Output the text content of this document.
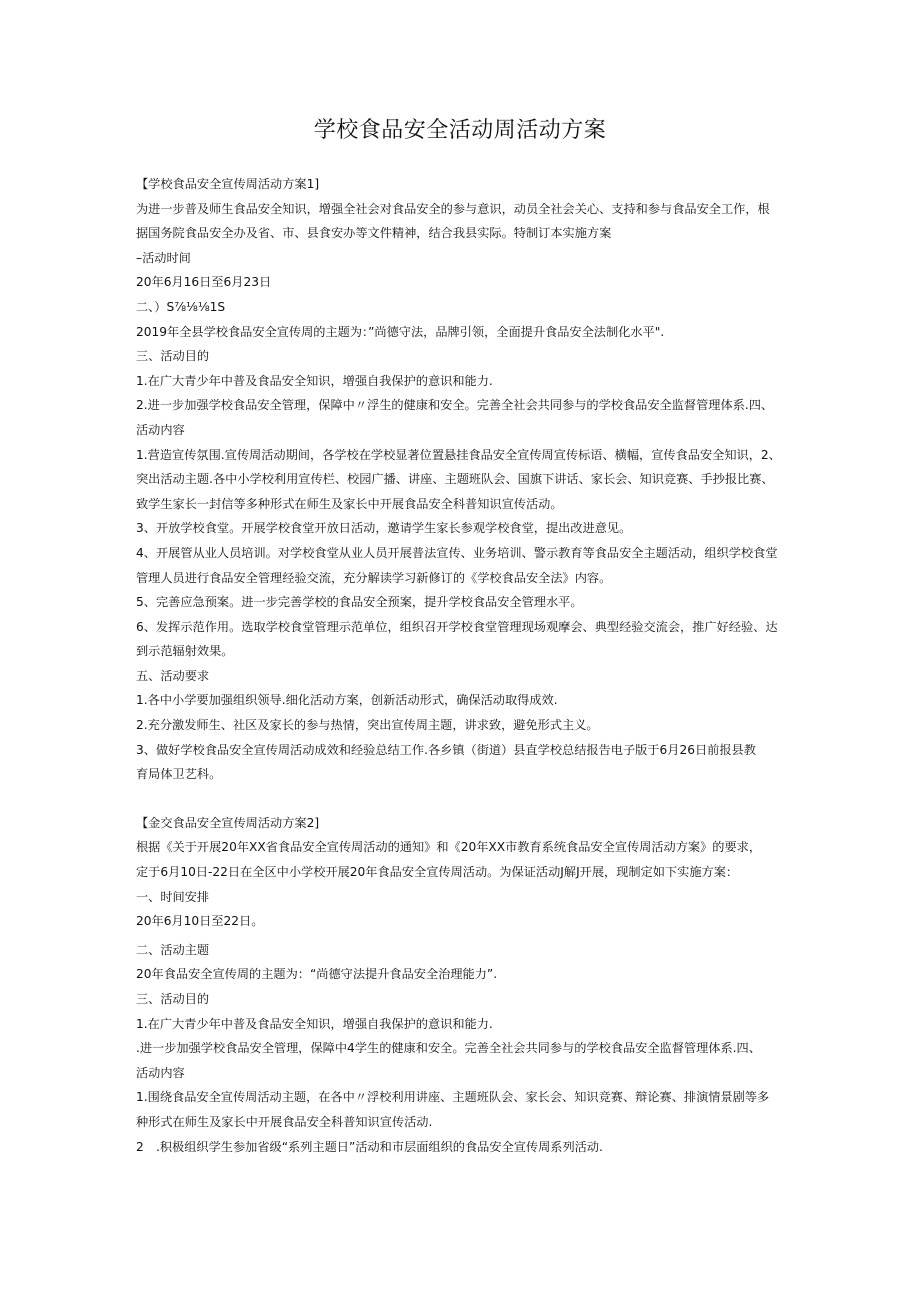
学校食品安全活动周活动方案

【学校食品安全宣传周活动方案1]

为进一步普及师生食品安全知识，增强全社会对食品安全的参与意识，动员全社会关心、支持和参与食品安全工作，根

据国务院食品安全办及省、市、县食安办等文件精神，结合我县实际。特制订本实施方案

–活动时间

20年6月16日至6月23日

二、）S⅞⅛⅛1S

2019年全县学校食品安全宣传周的主题为：”尚德守法，品牌引领，全面提升食品安全法制化水平".

三、活动目的

1.在广大青少年中普及食品安全知识，增强自我保护的意识和能力.

2.进一步加强学校食品安全管理，保障中〃浮生的健康和安全。完善全社会共同参与的学校食品安全监督管理体系.四、

活动内容

1.营造宣传氛围.宣传周活动期间，各学校在学校显著位置悬挂食品安全宣传周宣传标语、横幅，宣传食品安全知识，2、

突出活动主题.各中小学校利用宣传栏、校园广播、讲座、主题班队会、国旗下讲话、家长会、知识竞赛、手抄报比赛、

致学生家长一封信等多种形式在师生及家长中开展食品安全科普知识宣传活动。

3、开放学校食堂。开展学校食堂开放日活动，邀请学生家长参观学校食堂，提出改进意见。

4、开展管从业人员培训。对学校食堂从业人员开展普法宣传、业务培训、警示教育等食品安全主题活动，组织学校食堂

管理人员进行食品安全管理经验交流，充分解读学习新修订的《学校食品安全法》内容。

5、完善应急预案。进一步完善学校的食品安全预案，提升学校食品安全管理水平。

6、发挥示范作用。选取学校食堂管理示范单位，组织召开学校食堂管理现场观摩会、典型经验交流会，推广好经验、达

到示范辐射效果。

五、活动要求

1.各中小学要加强组织领导.细化活动方案，创新活动形式，确保活动取得成效.

2.充分激发师生、社区及家长的参与热情，突出宣传周主题，讲求致，避免形式主义。

3、做好学校食品安全宣传周活动成效和经验总结工作.各乡镇（街道）县直学校总结报告电子版于6月26日前报县教

育局体卫艺科。

【金交食品安全宣传周活动方案2]

根据《关于开展20年XX省食品安全宣传周活动的通知》和《20年XX市教育系统食品安全宣传周活动方案》的要求，

定于6月10日-22日在全区中小学校开展20年食品安全宣传周活动。为保证活动J解J开展，现制定如下实施方案：

一、时间安排

20年6月10日至22日。

二、活动主题

20年食品安全宣传周的主题为：“尚德守法提升食品安全治理能力”.

三、活动目的

1.在广大青少年中普及食品安全知识，增强自我保护的意识和能力.

.进一步加强学校食品安全管理，保障中4学生的健康和安全。完善全社会共同参与的学校食品安全监督管理体系.四、

活动内容

1.围绕食品安全宣传周活动主题，在各中〃浮校利用讲座、主题班队会、家长会、知识竞赛、辩论赛、排演情景剧等多

种形式在师生及家长中开展食品安全科普知识宣传活动.

2　.积极组织学生参加省级“系列主题日”活动和市层面组织的食品安全宣传周系列活动.
